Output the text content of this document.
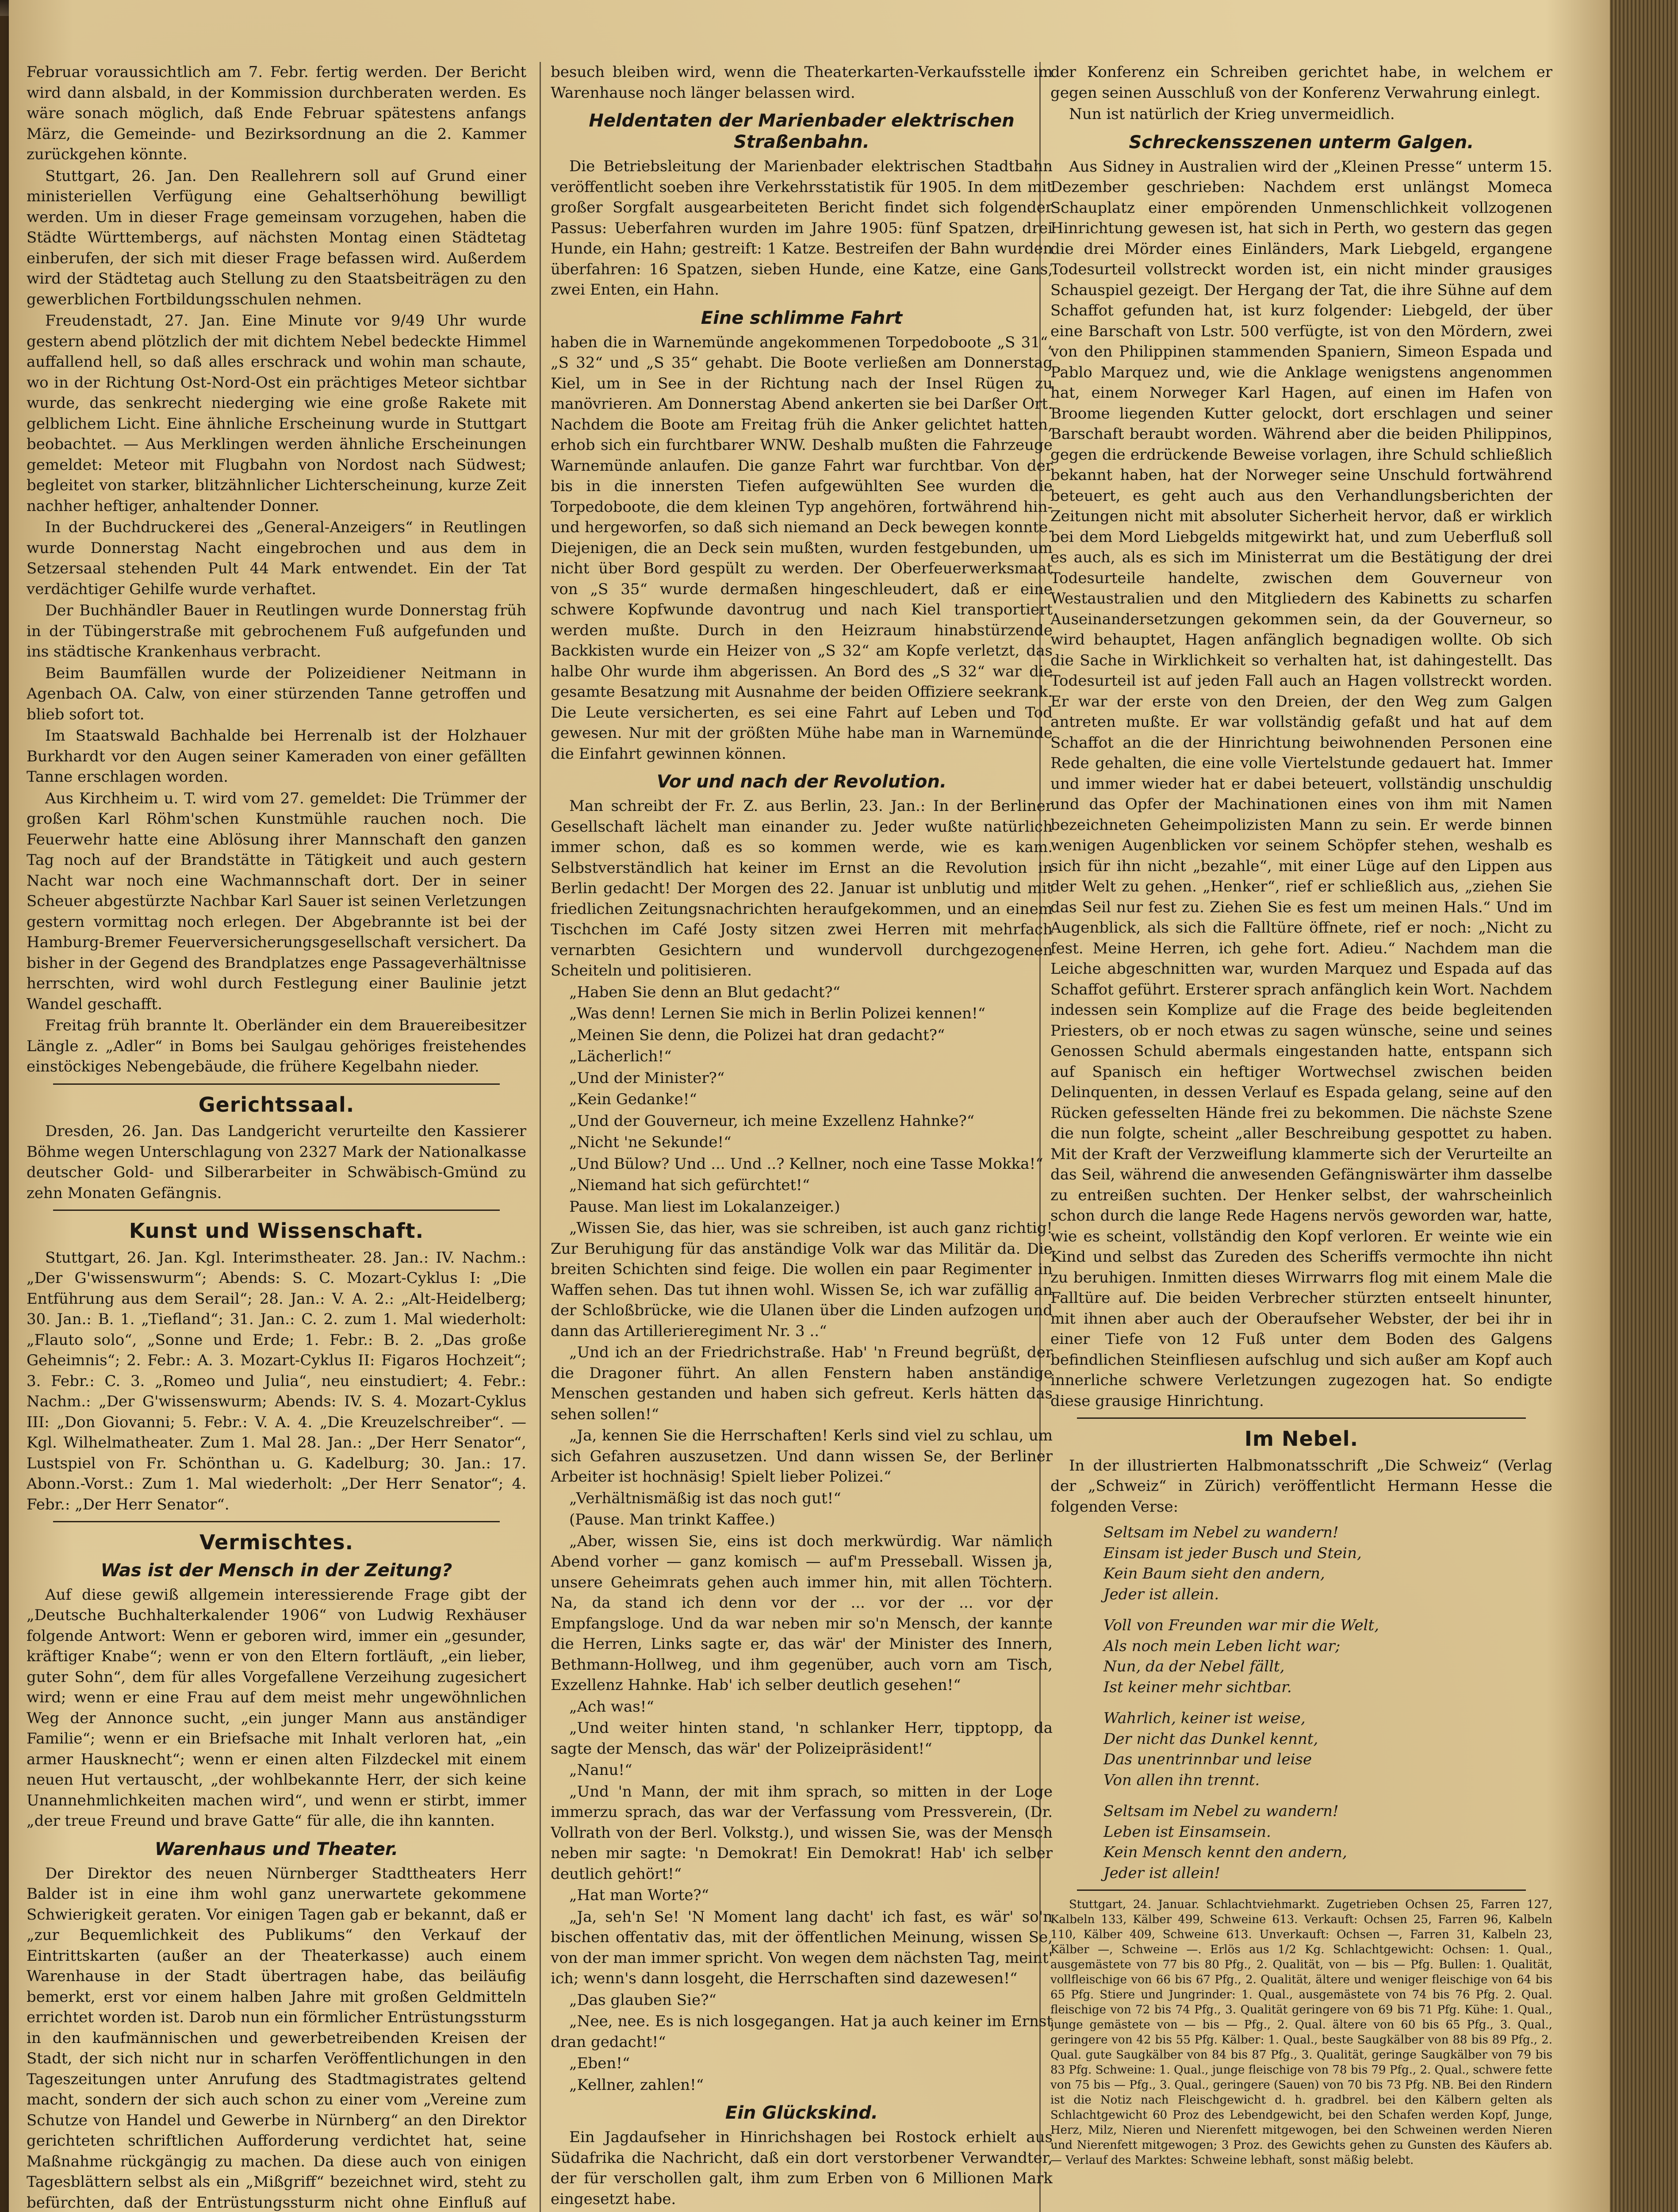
Februar voraussichtlich am 7. Febr. fertig werden. Der Bericht wird dann alsbald, in der Kommission durchberaten werden. Es wäre sonach möglich, daß Ende Februar spätestens anfangs März, die Gemeinde- und Bezirksordnung an die 2. Kammer zurückgehen könnte.

Stuttgart, 26. Jan. Den Reallehrern soll auf Grund einer ministeriellen Verfügung eine Gehaltserhöhung bewilligt werden. Um in dieser Frage gemeinsam vorzugehen, haben die Städte Württembergs, auf nächsten Montag einen Städtetag einberufen, der sich mit dieser Frage befassen wird. Außerdem wird der Städtetag auch Stellung zu den Staatsbeiträgen zu den gewerblichen Fortbildungsschulen nehmen.

Freudenstadt, 27. Jan. Eine Minute vor 9/49 Uhr wurde gestern abend plötzlich der mit dichtem Nebel bedeckte Himmel auffallend hell, so daß alles erschrack und wohin man schaute, wo in der Richtung Ost-Nord-Ost ein prächtiges Meteor sichtbar wurde, das senkrecht niederging wie eine große Rakete mit gelblichem Licht. Eine ähnliche Erscheinung wurde in Stuttgart beobachtet. — Aus Merklingen werden ähnliche Erscheinungen gemeldet: Meteor mit Flugbahn von Nordost nach Südwest; begleitet von starker, blitzähnlicher Lichterscheinung, kurze Zeit nachher heftiger, anhaltender Donner.

In der Buchdruckerei des „General-Anzeigers“ in Reutlingen wurde Donnerstag Nacht eingebrochen und aus dem in Setzersaal stehenden Pult 44 Mark entwendet. Ein der Tat verdächtiger Gehilfe wurde verhaftet.

Der Buchhändler Bauer in Reutlingen wurde Donnerstag früh in der Tübingerstraße mit gebrochenem Fuß aufgefunden und ins städtische Krankenhaus verbracht.

Beim Baumfällen wurde der Polizeidiener Neitmann in Agenbach OA. Calw, von einer stürzenden Tanne getroffen und blieb sofort tot.

Im Staatswald Bachhalde bei Herrenalb ist der Holzhauer Burkhardt vor den Augen seiner Kameraden von einer gefällten Tanne erschlagen worden.

Aus Kirchheim u. T. wird vom 27. gemeldet: Die Trümmer der großen Karl Röhm'schen Kunstmühle rauchen noch. Die Feuerwehr hatte eine Ablösung ihrer Mannschaft den ganzen Tag noch auf der Brandstätte in Tätigkeit und auch gestern Nacht war noch eine Wachmannschaft dort. Der in seiner Scheuer abgestürzte Nachbar Karl Sauer ist seinen Verletzungen gestern vormittag noch erlegen. Der Abgebrannte ist bei der Hamburg-Bremer Feuerversicherungsgesellschaft versichert. Da bisher in der Gegend des Brandplatzes enge Passageverhältnisse herrschten, wird wohl durch Festlegung einer Baulinie jetzt Wandel geschafft.

Freitag früh brannte lt. Oberländer ein dem Brauereibesitzer Längle z. „Adler“ in Boms bei Saulgau gehöriges freistehendes einstöckiges Nebengebäude, die frühere Kegelbahn nieder.

Gerichtssaal.

Dresden, 26. Jan. Das Landgericht verurteilte den Kassierer Böhme wegen Unterschlagung von 2327 Mark der Nationalkasse deutscher Gold- und Silberarbeiter in Schwäbisch-Gmünd zu zehn Monaten Gefängnis.

Kunst und Wissenschaft.

Stuttgart, 26. Jan. Kgl. Interimstheater. 28. Jan.: IV. Nachm.: „Der G'wissenswurm“; Abends: S. C. Mozart-Cyklus I: „Die Entführung aus dem Serail“; 28. Jan.: V. A. 2.: „Alt-Heidelberg; 30. Jan.: B. 1. „Tiefland“; 31. Jan.: C. 2. zum 1. Mal wiederholt: „Flauto solo“, „Sonne und Erde; 1. Febr.: B. 2. „Das große Geheimnis“; 2. Febr.: A. 3. Mozart-Cyklus II: Figaros Hochzeit“; 3. Febr.: C. 3. „Romeo und Julia“, neu einstudiert; 4. Febr.: Nachm.: „Der G'wissenswurm; Abends: IV. S. 4. Mozart-Cyklus III: „Don Giovanni; 5. Febr.: V. A. 4. „Die Kreuzelschreiber“. — Kgl. Wilhelmatheater. Zum 1. Mal 28. Jan.: „Der Herr Senator“, Lustspiel von Fr. Schönthan u. G. Kadelburg; 30. Jan.: 17. Abonn.-Vorst.: Zum 1. Mal wiederholt: „Der Herr Senator“; 4. Febr.: „Der Herr Senator“.

Vermischtes.
Was ist der Mensch in der Zeitung?

Auf diese gewiß allgemein interessierende Frage gibt der „Deutsche Buchhalterkalender 1906“ von Ludwig Rexhäuser folgende Antwort: Wenn er geboren wird, immer ein „gesunder, kräftiger Knabe“; wenn er von den Eltern fortläuft, „ein lieber, guter Sohn“, dem für alles Vorgefallene Verzeihung zugesichert wird; wenn er eine Frau auf dem meist mehr ungewöhnlichen Weg der Annonce sucht, „ein junger Mann aus anständiger Familie“; wenn er ein Briefsache mit Inhalt verloren hat, „ein armer Hausknecht“; wenn er einen alten Filzdeckel mit einem neuen Hut vertauscht, „der wohlbekannte Herr, der sich keine Unannehmlichkeiten machen wird“, und wenn er stirbt, immer „der treue Freund und brave Gatte“ für alle, die ihn kannten.

Warenhaus und Theater.

Der Direktor des neuen Nürnberger Stadttheaters Herr Balder ist in eine ihm wohl ganz unerwartete gekommene Schwierigkeit geraten. Vor einigen Tagen gab er bekannt, daß er „zur Bequemlichkeit des Publikums“ den Verkauf der Eintrittskarten (außer an der Theaterkasse) auch einem Warenhause in der Stadt übertragen habe, das beiläufig bemerkt, erst vor einem halben Jahre mit großen Geldmitteln errichtet worden ist. Darob nun ein förmlicher Entrüstungssturm in den kaufmännischen und gewerbetreibenden Kreisen der Stadt, der sich nicht nur in scharfen Veröffentlichungen in den Tageszeitungen unter Anrufung des Stadtmagistrates geltend macht, sondern der sich auch schon zu einer vom „Vereine zum Schutze von Handel und Gewerbe in Nürnberg“ an den Direktor gerichteten schriftlichen Aufforderung verdichtet hat, seine Maßnahme rückgängig zu machen. Da diese auch von einigen Tagesblättern selbst als ein „Mißgriff“ bezeichnet wird, steht zu befürchten, daß der Entrüstungssturm nicht ohne Einfluß auf

besuch bleiben wird, wenn die Theaterkarten-Verkaufsstelle im Warenhause noch länger belassen wird.

Heldentaten der Marienbader elektrischen Straßenbahn.

Die Betriebsleitung der Marienbader elektrischen Stadtbahn veröffentlicht soeben ihre Verkehrsstatistik für 1905. In dem mit großer Sorgfalt ausgearbeiteten Bericht findet sich folgender Passus: Ueberfahren wurden im Jahre 1905: fünf Spatzen, drei Hunde, ein Hahn; gestreift: 1 Katze. Bestreifen der Bahn wurden überfahren: 16 Spatzen, sieben Hunde, eine Katze, eine Gans, zwei Enten, ein Hahn.

Eine schlimme Fahrt

haben die in Warnemünde angekommenen Torpedoboote „S 31“, „S 32“ und „S 35“ gehabt. Die Boote verließen am Donnerstag Kiel, um in See in der Richtung nach der Insel Rügen zu manövrieren. Am Donnerstag Abend ankerten sie bei Darßer Ort. Nachdem die Boote am Freitag früh die Anker gelichtet hatten, erhob sich ein furchtbarer WNW. Deshalb mußten die Fahrzeuge Warnemünde anlaufen. Die ganze Fahrt war furchtbar. Von der bis in die innersten Tiefen aufgewühlten See wurden die Torpedoboote, die dem kleinen Typ angehören, fortwährend hin- und hergeworfen, so daß sich niemand an Deck bewegen konnte. Diejenigen, die an Deck sein mußten, wurden festgebunden, um nicht über Bord gespült zu werden. Der Oberfeuerwerksmaat von „S 35“ wurde dermaßen hingeschleudert, daß er eine schwere Kopfwunde davontrug und nach Kiel transportiert werden mußte. Durch in den Heizraum hinabstürzende Backkisten wurde ein Heizer von „S 32“ am Kopfe verletzt, das halbe Ohr wurde ihm abgerissen. An Bord des „S 32“ war die gesamte Besatzung mit Ausnahme der beiden Offiziere seekrank. Die Leute versicherten, es sei eine Fahrt auf Leben und Tod gewesen. Nur mit der größten Mühe habe man in Warnemünde die Einfahrt gewinnen können.

Vor und nach der Revolution.

Man schreibt der Fr. Z. aus Berlin, 23. Jan.: In der Berliner Gesellschaft lächelt man einander zu. Jeder wußte natürlich immer schon, daß es so kommen werde, wie es kam. Selbstverständlich hat keiner im Ernst an die Revolution in Berlin gedacht! Der Morgen des 22. Januar ist unblutig und mit friedlichen Zeitungsnachrichten heraufgekommen, und an einem Tischchen im Café Josty sitzen zwei Herren mit mehrfach vernarbten Gesichtern und wundervoll durchgezogenen Scheiteln und politisieren.

„Haben Sie denn an Blut gedacht?“

„Was denn! Lernen Sie mich in Berlin Polizei kennen!“

„Meinen Sie denn, die Polizei hat dran gedacht?“

„Lächerlich!“

„Und der Minister?“

„Kein Gedanke!“

„Und der Gouverneur, ich meine Exzellenz Hahnke?“

„Nicht 'ne Sekunde!“

„Und Bülow? Und ... Und ..? Kellner, noch eine Tasse Mokka!“

„Niemand hat sich gefürchtet!“

Pause. Man liest im Lokalanzeiger.)

„Wissen Sie, das hier, was sie schreiben, ist auch ganz richtig! Zur Beruhigung für das anständige Volk war das Militär da. Die breiten Schichten sind feige. Die wollen ein paar Regimenter in Waffen sehen. Das tut ihnen wohl. Wissen Se, ich war zufällig an der Schloßbrücke, wie die Ulanen über die Linden aufzogen und dann das Artillerieregiment Nr. 3 ..“

„Und ich an der Friedrichstraße. Hab' 'n Freund begrüßt, der die Dragoner führt. An allen Fenstern haben anständige Menschen gestanden und haben sich gefreut. Kerls hätten das sehen sollen!“

„Ja, kennen Sie die Herrschaften! Kerls sind viel zu schlau, um sich Gefahren auszusetzen. Und dann wissen Se, der Berliner Arbeiter ist hochnäsig! Spielt lieber Polizei.“

„Verhältnismäßig ist das noch gut!“

(Pause. Man trinkt Kaffee.)

„Aber, wissen Sie, eins ist doch merkwürdig. War nämlich Abend vorher — ganz komisch — auf'm Presseball. Wissen ja, unsere Geheimrats gehen auch immer hin, mit allen Töchtern. Na, da stand ich denn vor der ... vor der ... vor der Empfangsloge. Und da war neben mir so'n Mensch, der kannte die Herren, Links sagte er, das wär' der Minister des Innern, Bethmann-Hollweg, und ihm gegenüber, auch vorn am Tisch, Exzellenz Hahnke. Hab' ich selber deutlich gesehen!“

„Ach was!“

„Und weiter hinten stand, 'n schlanker Herr, tipptopp, da sagte der Mensch, das wär' der Polizeipräsident!“

„Nanu!“

„Und 'n Mann, der mit ihm sprach, so mitten in der Loge immerzu sprach, das war der Verfassung vom Pressverein, (Dr. Vollrath von der Berl. Volkstg.), und wissen Sie, was der Mensch neben mir sagte: 'n Demokrat! Ein Demokrat! Hab' ich selber deutlich gehört!“

„Hat man Worte?“

„Ja, seh'n Se! 'N Moment lang dacht' ich fast, es wär' so'n bischen offentativ das, mit der öffentlichen Meinung, wissen Se, von der man immer spricht. Von wegen dem nächsten Tag, meint' ich; wenn's dann losgeht, die Herrschaften sind dazewesen!“

„Das glauben Sie?“

„Nee, nee. Es is nich losgegangen. Hat ja auch keiner im Ernst dran gedacht!“

„Eben!“

„Kellner, zahlen!“

Ein Glückskind.

Ein Jagdaufseher in Hinrichshagen bei Rostock erhielt aus Südafrika die Nachricht, daß ein dort verstorbener Verwandter, der für verschollen galt, ihm zum Erben von 6 Millionen Mark eingesetzt habe.

der Konferenz ein Schreiben gerichtet habe, in welchem er gegen seinen Ausschluß von der Konferenz Verwahrung einlegt.

Nun ist natürlich der Krieg unvermeidlich.

Schreckensszenen unterm Galgen.

Aus Sidney in Australien wird der „Kleinen Presse“ unterm 15. Dezember geschrieben: Nachdem erst unlängst Momeca Schauplatz einer empörenden Unmenschlichkeit vollzogenen Hinrichtung gewesen ist, hat sich in Perth, wo gestern das gegen die drei Mörder eines Einländers, Mark Liebgeld, ergangene Todesurteil vollstreckt worden ist, ein nicht minder grausiges Schauspiel gezeigt. Der Hergang der Tat, die ihre Sühne auf dem Schaffot gefunden hat, ist kurz folgender: Liebgeld, der über eine Barschaft von Lstr. 500 verfügte, ist von den Mördern, zwei von den Philippinen stammenden Spaniern, Simeon Espada und Pablo Marquez und, wie die Anklage wenigstens angenommen hat, einem Norweger Karl Hagen, auf einen im Hafen von Broome liegenden Kutter gelockt, dort erschlagen und seiner Barschaft beraubt worden. Während aber die beiden Philippinos, gegen die erdrückende Beweise vorlagen, ihre Schuld schließlich bekannt haben, hat der Norweger seine Unschuld fortwährend beteuert, es geht auch aus den Verhandlungsberichten der Zeitungen nicht mit absoluter Sicherheit hervor, daß er wirklich bei dem Mord Liebgelds mitgewirkt hat, und zum Ueberfluß soll es auch, als es sich im Ministerrat um die Bestätigung der drei Todesurteile handelte, zwischen dem Gouverneur von Westaustralien und den Mitgliedern des Kabinetts zu scharfen Auseinandersetzungen gekommen sein, da der Gouverneur, so wird behauptet, Hagen anfänglich begnadigen wollte. Ob sich die Sache in Wirklichkeit so verhalten hat, ist dahingestellt. Das Todesurteil ist auf jeden Fall auch an Hagen vollstreckt worden. Er war der erste von den Dreien, der den Weg zum Galgen antreten mußte. Er war vollständig gefaßt und hat auf dem Schaffot an die der Hinrichtung beiwohnenden Personen eine Rede gehalten, die eine volle Viertelstunde gedauert hat. Immer und immer wieder hat er dabei beteuert, vollständig unschuldig und das Opfer der Machinationen eines von ihm mit Namen bezeichneten Geheimpolizisten Mann zu sein. Er werde binnen wenigen Augenblicken vor seinem Schöpfer stehen, weshalb es sich für ihn nicht „bezahle“, mit einer Lüge auf den Lippen aus der Welt zu gehen. „Henker“, rief er schließlich aus, „ziehen Sie das Seil nur fest zu. Ziehen Sie es fest um meinen Hals.“ Und im Augenblick, als sich die Falltüre öffnete, rief er noch: „Nicht zu fest. Meine Herren, ich gehe fort. Adieu.“ Nachdem man die Leiche abgeschnitten war, wurden Marquez und Espada auf das Schaffot geführt. Ersterer sprach anfänglich kein Wort. Nachdem indessen sein Komplize auf die Frage des beide begleitenden Priesters, ob er noch etwas zu sagen wünsche, seine und seines Genossen Schuld abermals eingestanden hatte, entspann sich auf Spanisch ein heftiger Wortwechsel zwischen beiden Delinquenten, in dessen Verlauf es Espada gelang, seine auf den Rücken gefesselten Hände frei zu bekommen. Die nächste Szene die nun folgte, scheint „aller Beschreibung gespottet zu haben. Mit der Kraft der Verzweiflung klammerte sich der Verurteilte an das Seil, während die anwesenden Gefängniswärter ihm dasselbe zu entreißen suchten. Der Henker selbst, der wahrscheinlich schon durch die lange Rede Hagens nervös geworden war, hatte, wie es scheint, vollständig den Kopf verloren. Er weinte wie ein Kind und selbst das Zureden des Scheriffs vermochte ihn nicht zu beruhigen. Inmitten dieses Wirrwarrs flog mit einem Male die Falltüre auf. Die beiden Verbrecher stürzten entseelt hinunter, mit ihnen aber auch der Oberaufseher Webster, der bei ihr in einer Tiefe von 12 Fuß unter dem Boden des Galgens befindlichen Steinfliesen aufschlug und sich außer am Kopf auch innerliche schwere Verletzungen zugezogen hat. So endigte diese grausige Hinrichtung.

Im Nebel.

In der illustrierten Halbmonatsschrift „Die Schweiz“ (Verlag der „Schweiz“ in Zürich) veröffentlicht Hermann Hesse die folgenden Verse:

Seltsam im Nebel zu wandern!
Einsam ist jeder Busch und Stein,
Kein Baum sieht den andern,
Jeder ist allein.
Voll von Freunden war mir die Welt,
Als noch mein Leben licht war;
Nun, da der Nebel fällt,
Ist keiner mehr sichtbar.
Wahrlich, keiner ist weise,
Der nicht das Dunkel kennt,
Das unentrinnbar und leise
Von allen ihn trennt.
Seltsam im Nebel zu wandern!
Leben ist Einsamsein.
Kein Mensch kennt den andern,
Jeder ist allein!

Stuttgart, 24. Januar. Schlachtviehmarkt. Zugetrieben Ochsen 25, Farren 127, Kalbeln 133, Kälber 499, Schweine 613. Verkauft: Ochsen 25, Farren 96, Kalbeln 110, Kälber 409, Schweine 613. Unverkauft: Ochsen —, Farren 31, Kalbeln 23, Kälber —, Schweine —. Erlös aus 1/2 Kg. Schlachtgewicht: Ochsen: 1. Qual., ausgemästete von 77 bis 80 Pfg., 2. Qualität, von — bis — Pfg. Bullen: 1. Qualität, vollfleischige von 66 bis 67 Pfg., 2. Qualität, ältere und weniger fleischige von 64 bis 65 Pfg. Stiere und Jungrinder: 1. Qual., ausgemästete von 74 bis 76 Pfg. 2. Qual. fleischige von 72 bis 74 Pfg., 3. Qualität geringere von 69 bis 71 Pfg. Kühe: 1. Qual., junge gemästete von — bis — Pfg., 2. Qual. ältere von 60 bis 65 Pfg., 3. Qual., geringere von 42 bis 55 Pfg. Kälber: 1. Qual., beste Saugkälber von 88 bis 89 Pfg., 2. Qual. gute Saugkälber von 84 bis 87 Pfg., 3. Qualität, geringe Saugkälber von 79 bis 83 Pfg. Schweine: 1. Qual., junge fleischige von 78 bis 79 Pfg., 2. Qual., schwere fette von 75 bis — Pfg., 3. Qual., geringere (Sauen) von 70 bis 73 Pfg. NB. Bei den Rindern ist die Notiz nach Fleischgewicht d. h. gradbrel. bei den Kälbern gelten als Schlachtgewicht 60 Proz des Lebendgewicht, bei den Schafen werden Kopf, Junge, Herz, Milz, Nieren und Nierenfett mitgewogen, bei den Schweinen werden Nieren und Nierenfett mitgewogen; 3 Proz. des Gewichts gehen zu Gunsten des Käufers ab. — Verlauf des Marktes: Schweine lebhaft, sonst mäßig belebt.
